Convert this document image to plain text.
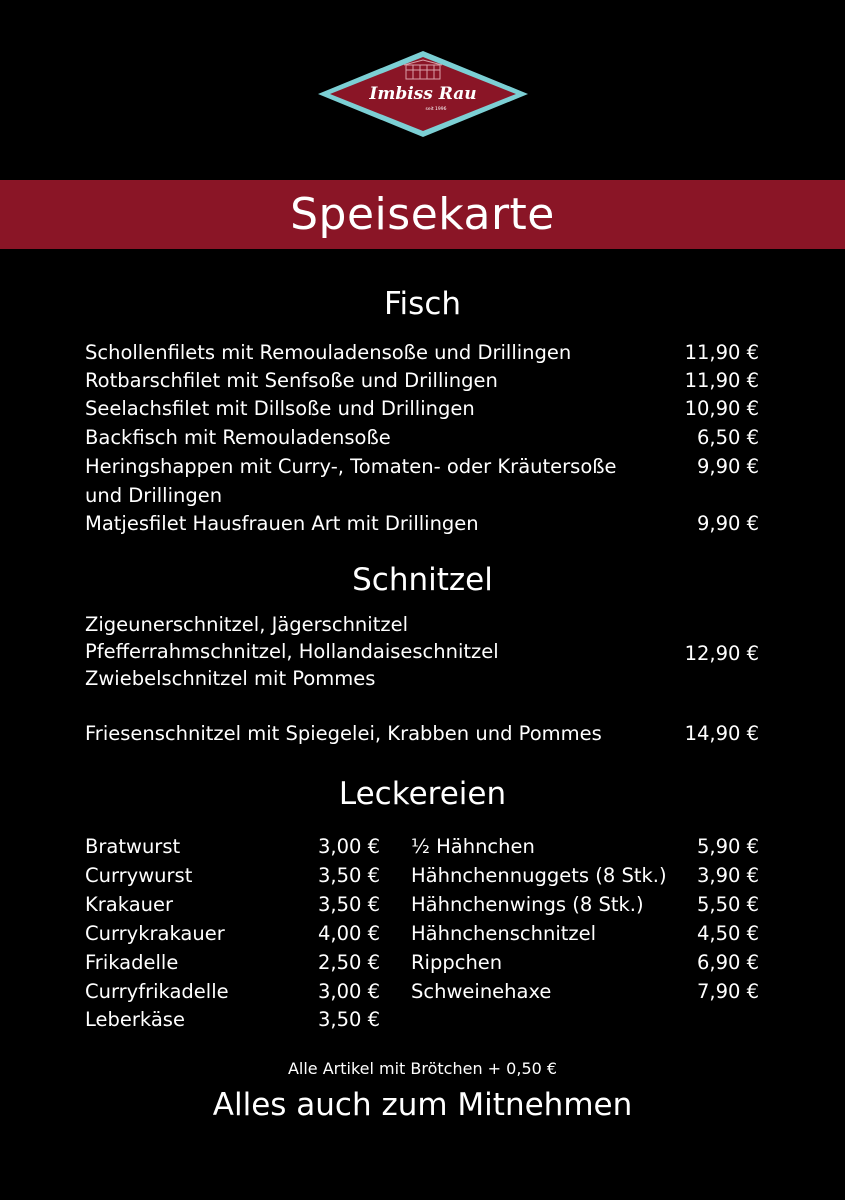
Imbiss Rau
seit 1996
Speisekarte
Fisch
Schollenfilets mit Remouladensoße und Drillingen	11,90 €
Rotbarschfilet mit Senfsoße und Drillingen	11,90 €
Seelachsfilet mit Dillsoße und Drillingen	10,90 €
Backfisch mit Remouladensoße	6,50 €
Heringshappen mit Curry-, Tomaten- oder Kräutersoße	9,90 €
und Drillingen
Matjesfilet Hausfrauen Art mit Drillingen	9,90 €
Schnitzel
Zigeunerschnitzel, Jägerschnitzel
Pfefferrahmschnitzel, Hollandaiseschnitzel
Zwiebelschnitzel mit Pommes
12,90 €
Friesenschnitzel mit Spiegelei, Krabben und Pommes	14,90 €
Leckereien
Bratwurst	3,00 €
Currywurst	3,50 €
Krakauer	3,50 €
Currykrakauer	4,00 €
Frikadelle	2,50 €
Curryfrikadelle	3,00 €
Leberkäse	3,50 €
½ Hähnchen	5,90 €
Hähnchennuggets (8 Stk.) 3,90 €
Hähnchenwings (8 Stk.)	5,50 €
Hähnchenschnitzel	4,50 €
Rippchen	6,90 €
Schweinehaxe	7,90 €
Alle Artikel mit Brötchen + 0,50 €
Alles auch zum Mitnehmen
